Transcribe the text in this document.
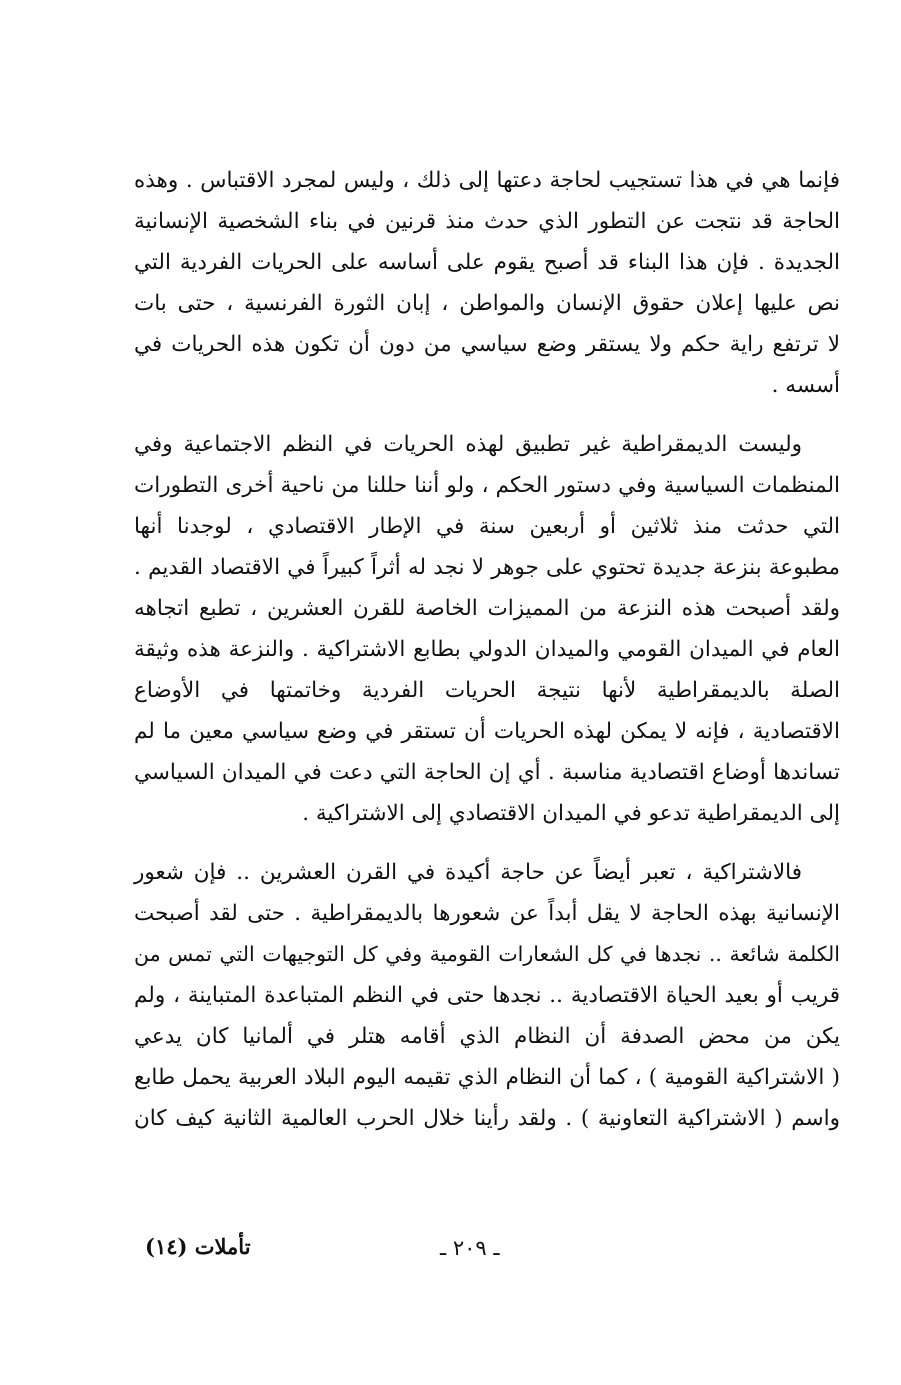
فإنما هي في هذا تستجيب لحاجة دعتها إلى ذلك ، وليس لمجرد الاقتباس . وهذه
الحاجة قد نتجت عن التطور الذي حدث منذ قرنين في بناء الشخصية الإنسانية
الجديدة . فإن هذا البناء قد أصبح يقوم على أساسه على الحريات الفردية التي
نص عليها إعلان حقوق الإنسان والمواطن ، إبان الثورة الفرنسية ، حتى بات
لا ترتفع راية حكم ولا يستقر وضع سياسي من دون أن تكون هذه الحريات في
أسسه .
وليست الديمقراطية غير تطبيق لهذه الحريات في النظم الاجتماعية وفي
المنظمات السياسية وفي دستور الحكم ، ولو أننا حللنا من ناحية أخرى التطورات
التي حدثت منذ ثلاثين أو أربعين سنة في الإطار الاقتصادي ، لوجدنا أنها
مطبوعة بنزعة جديدة تحتوي على جوهر لا نجد له أثراً كبيراً في الاقتصاد القديم .
ولقد أصبحت هذه النزعة من المميزات الخاصة للقرن العشرين ، تطبع اتجاهه
العام في الميدان القومي والميدان الدولي بطابع الاشتراكية . والنزعة هذه وثيقة
الصلة بالديمقراطية لأنها نتيجة الحريات الفردية وخاتمتها في الأوضاع
الاقتصادية ، فإنه لا يمكن لهذه الحريات أن تستقر في وضع سياسي معين ما لم
تساندها أوضاع اقتصادية مناسبة . أي إن الحاجة التي دعت في الميدان السياسي
إلى الديمقراطية تدعو في الميدان الاقتصادي إلى الاشتراكية .
فالاشتراكية ، تعبر أيضاً عن حاجة أكيدة في القرن العشرين .. فإن شعور
الإنسانية بهذه الحاجة لا يقل أبداً عن شعورها بالديمقراطية . حتى لقد أصبحت
الكلمة شائعة .. نجدها في كل الشعارات القومية وفي كل التوجيهات التي تمس من
قريب أو بعيد الحياة الاقتصادية .. نجدها حتى في النظم المتباعدة المتباينة ، ولم
يكن من محض الصدفة أن النظام الذي أقامه هتلر في ألمانيا كان يدعي
( الاشتراكية القومية ) ، كما أن النظام الذي تقيمه اليوم البلاد العربية يحمل طابع
واسم ( الاشتراكية التعاونية ) . ولقد رأينا خلال الحرب العالمية الثانية كيف كان
تأملات (١٤)	ـ ٢٠٩ ـ
